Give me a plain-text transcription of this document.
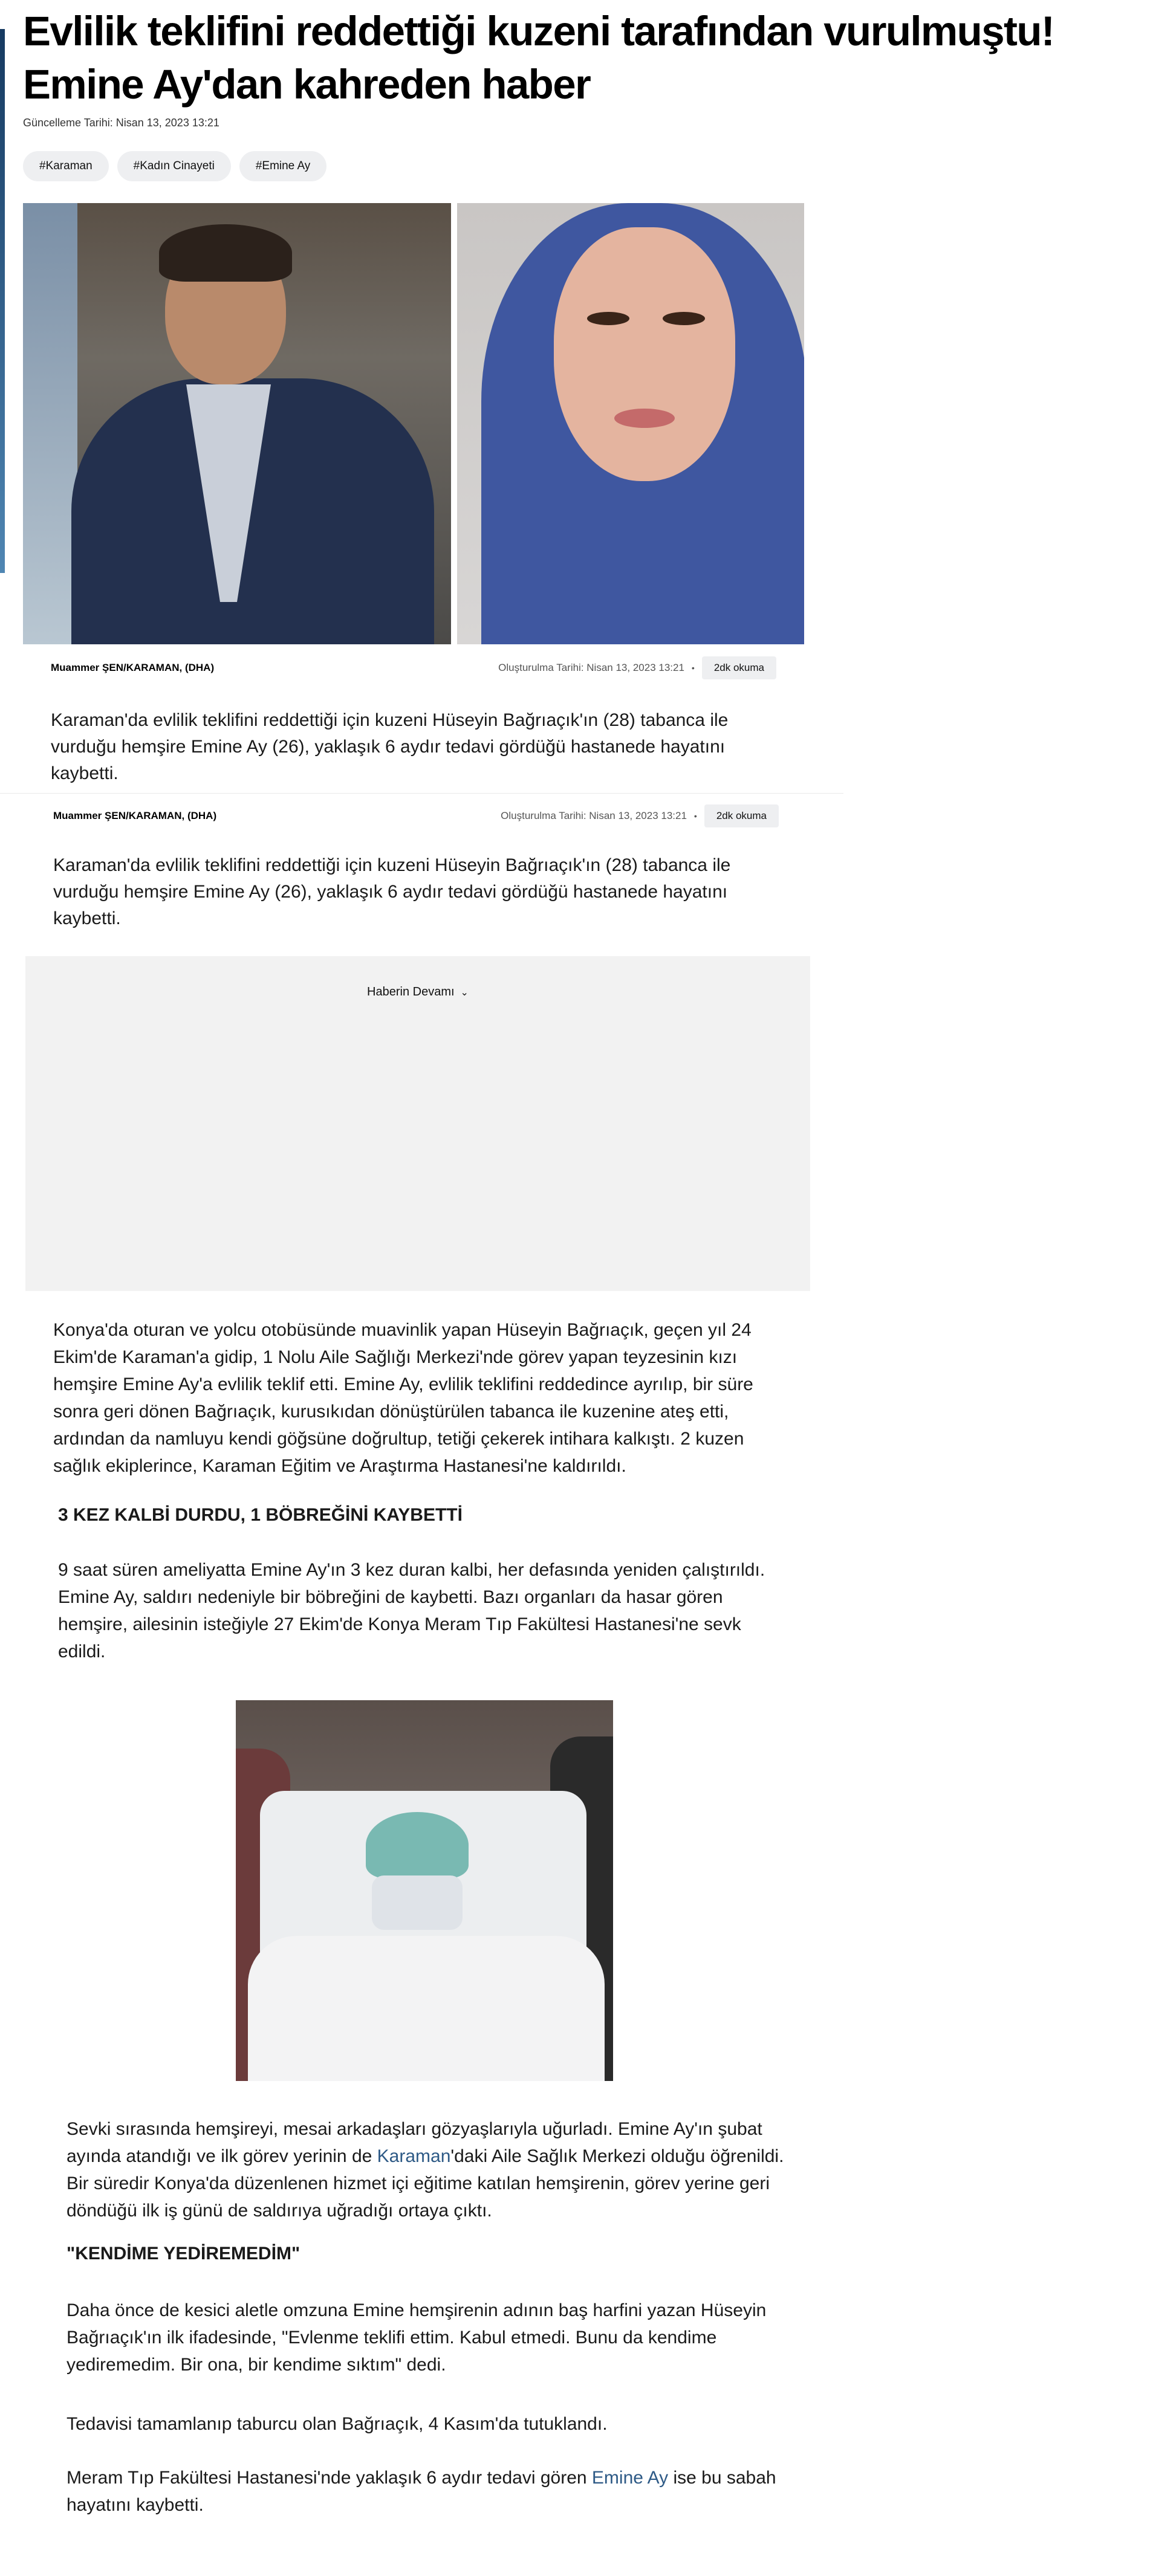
Evlilik teklifini reddettiği kuzeni tarafından vurulmuştu! Emine Ay'dan kahreden haber
Güncelleme Tarihi: Nisan 13, 2023 13:21
#Karaman	#Kadın Cinayeti	#Emine Ay
Muammer ŞEN/KARAMAN, (DHA)	Oluşturulma Tarihi: Nisan 13, 2023 13:21 •	2dk okuma

Karaman'da evlilik teklifini reddettiği için kuzeni Hüseyin Bağrıaçık'ın (28) tabanca ile vurduğu hemşire Emine Ay (26), yaklaşık 6 aydır tedavi gördüğü hastanede hayatını kaybetti.

Muammer ŞEN/KARAMAN, (DHA)	Oluşturulma Tarihi: Nisan 13, 2023 13:21 •	2dk okuma

Karaman'da evlilik teklifini reddettiği için kuzeni Hüseyin Bağrıaçık'ın (28) tabanca ile vurduğu hemşire Emine Ay (26), yaklaşık 6 aydır tedavi gördüğü hastanede hayatını kaybetti.

Haberin Devamı ⌄

Konya'da oturan ve yolcu otobüsünde muavinlik yapan Hüseyin Bağrıaçık, geçen yıl 24 Ekim'de Karaman'a gidip, 1 Nolu Aile Sağlığı Merkezi'nde görev yapan teyzesinin kızı hemşire Emine Ay'a evlilik teklif etti. Emine Ay, evlilik teklifini reddedince ayrılıp, bir süre sonra geri dönen Bağrıaçık, kurusıkıdan dönüştürülen tabanca ile kuzenine ateş etti, ardından da namluyu kendi göğsüne doğrultup, tetiği çekerek intihara kalkıştı. 2 kuzen sağlık ekiplerince, Karaman Eğitim ve Araştırma Hastanesi'ne kaldırıldı.

3 KEZ KALBİ DURDU, 1 BÖBREĞİNİ KAYBETTİ

9 saat süren ameliyatta Emine Ay'ın 3 kez duran kalbi, her defasında yeniden çalıştırıldı. Emine Ay, saldırı nedeniyle bir böbreğini de kaybetti. Bazı organları da hasar gören hemşire, ailesinin isteğiyle 27 Ekim'de Konya Meram Tıp Fakültesi Hastanesi'ne sevk edildi.

Sevki sırasında hemşireyi, mesai arkadaşları gözyaşlarıyla uğurladı. Emine Ay'ın şubat ayında atandığı ve ilk görev yerinin de Karaman'daki Aile Sağlık Merkezi olduğu öğrenildi. Bir süredir Konya'da düzenlenen hizmet içi eğitime katılan hemşirenin, görev yerine geri döndüğü ilk iş günü de saldırıya uğradığı ortaya çıktı.

"KENDİME YEDİREMEDİM"

Daha önce de kesici aletle omzuna Emine hemşirenin adının baş harfini yazan Hüseyin Bağrıaçık'ın ilk ifadesinde, "Evlenme teklifi ettim. Kabul etmedi. Bunu da kendime yediremedim. Bir ona, bir kendime sıktım" dedi.

Tedavisi tamamlanıp taburcu olan Bağrıaçık, 4 Kasım'da tutuklandı.

Meram Tıp Fakültesi Hastanesi'nde yaklaşık 6 aydır tedavi gören Emine Ay ise bu sabah hayatını kaybetti.
